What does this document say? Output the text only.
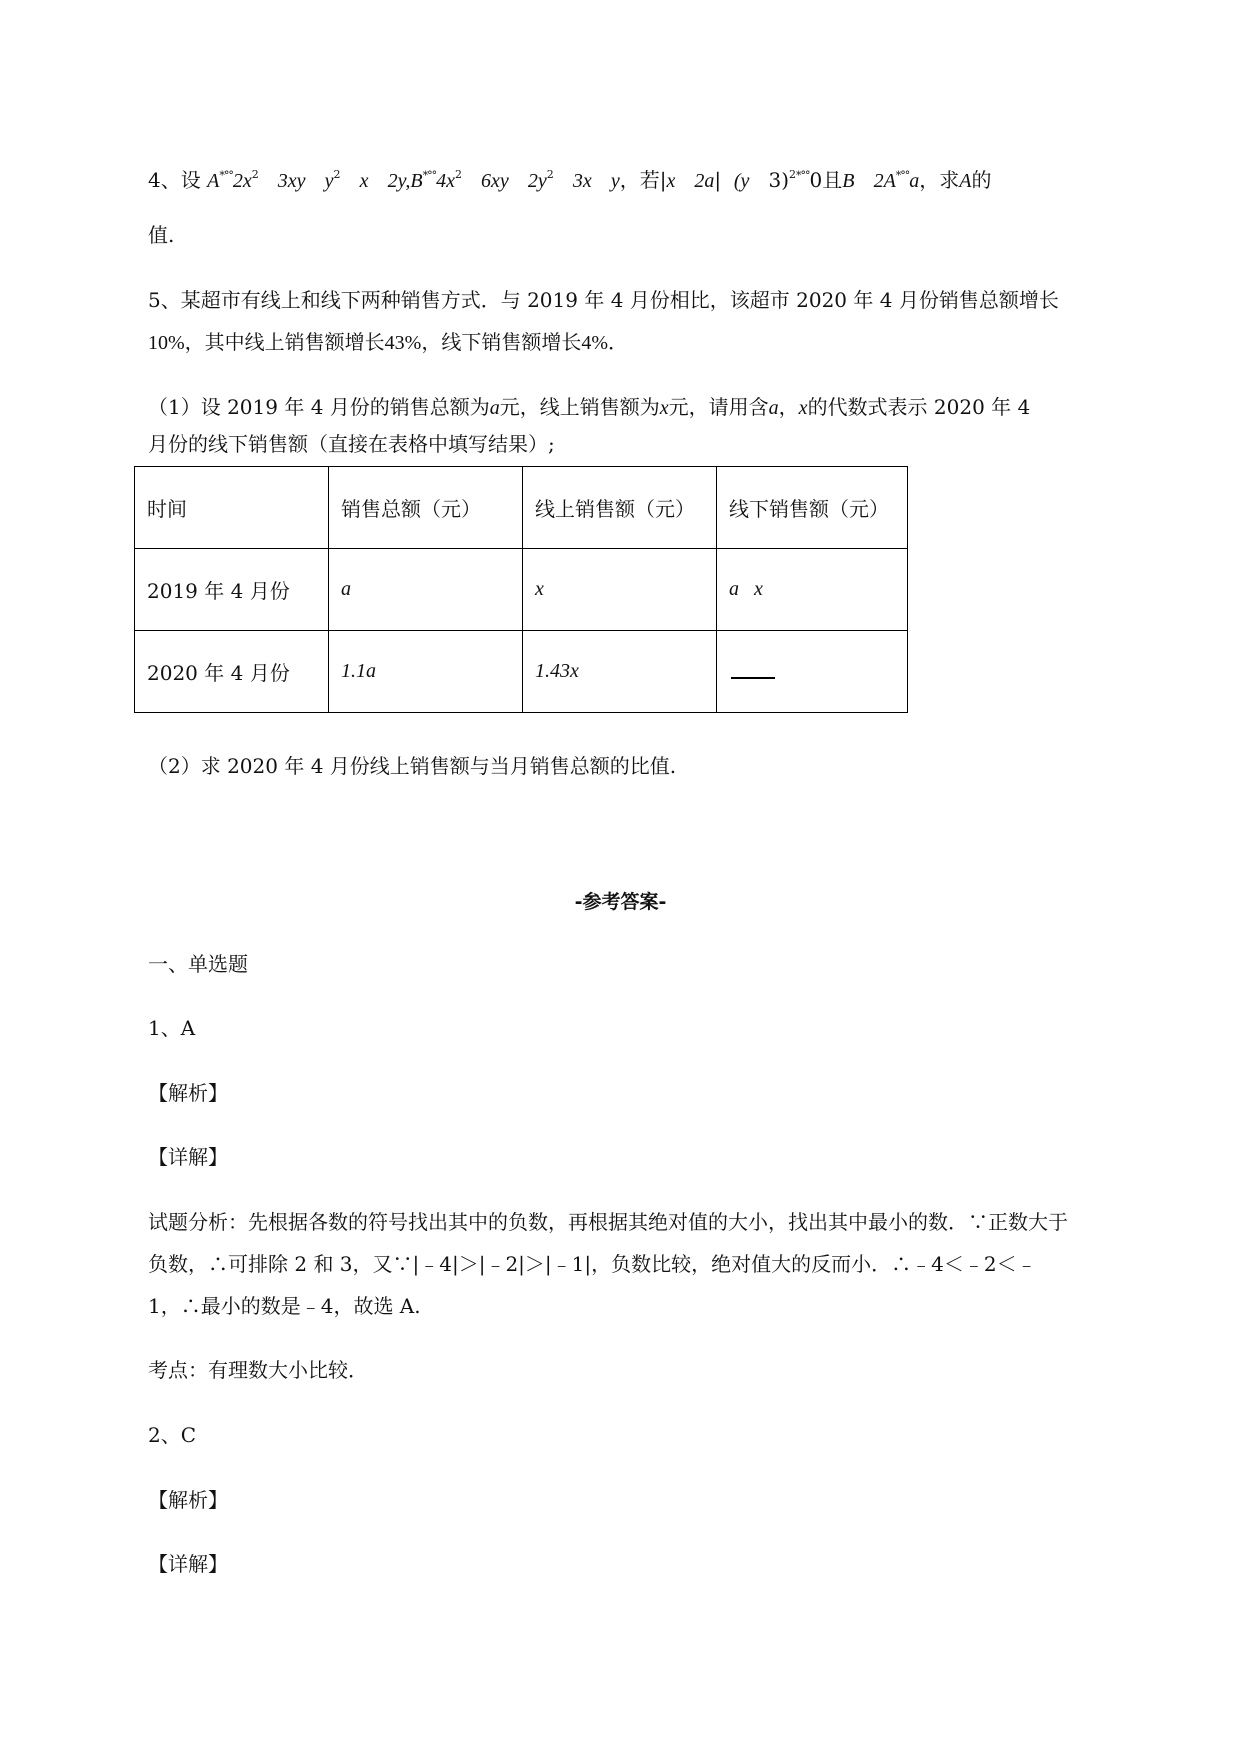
4、设 $A^{*^\circ^\circ}2x^2$ 3xy $y^2$ x $2y,B^{*^\circ^\circ}4x^2$ 6xy $2y^2$ 3x y，若|x 2a| (y 3)$^{2*^\circ^\circ}$0且B 2A*°°a，求A的

值.

5、某超市有线上和线下两种销售方式．与 2019 年 4 月份相比，该超市 2020 年 4 月份销售总额增长

10%，其中线上销售额增长43%，线下销售额增长4%．

（1）设 2019 年 4 月份的销售总额为a元，线上销售额为x元，请用含a，x的代数式表示 2020 年 4

月份的线下销售额（直接在表格中填写结果）;

时间	销售总额（元）	线上销售额（元）	线下销售额（元）
2019 年 4 月份	a	x	a   x
2020 年 4 月份	1.1a	1.43x	

（2）求 2020 年 4 月份线上销售额与当月销售总额的比值.

-参考答案-

一、单选题

1、A

【解析】

【详解】

试题分析：先根据各数的符号找出其中的负数，再根据其绝对值的大小，找出其中最小的数．∵正数大于

负数，∴可排除 2 和 3，又∵|﹣4|＞|﹣2|＞|﹣1|，负数比较，绝对值大的反而小．∴﹣4＜﹣2＜﹣

1，∴最小的数是﹣4，故选 A.

考点：有理数大小比较．

2、C

【解析】

【详解】
